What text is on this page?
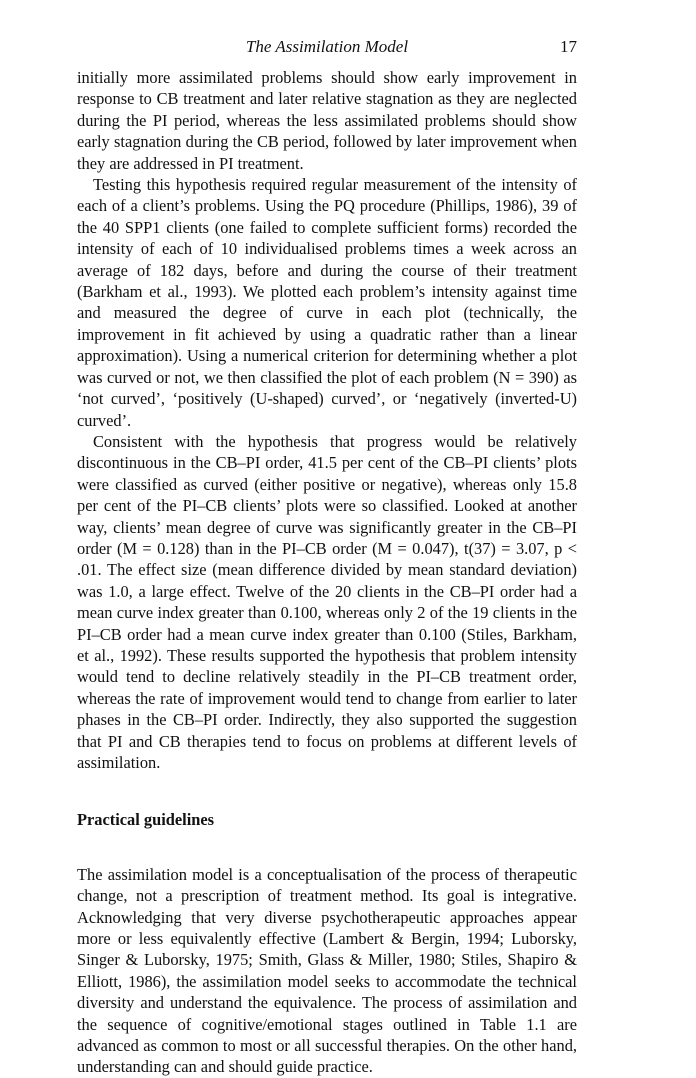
The Assimilation Model	17

initially more assimilated problems should show early improvement in response to CB treatment and later relative stagnation as they are neglected during the PI period, whereas the less assimilated problems should show early stagnation during the CB period, followed by later improvement when they are addressed in PI treatment.

Testing this hypothesis required regular measurement of the intensity of each of a client’s problems. Using the PQ procedure (Phillips, 1986), 39 of the 40 SPP1 clients (one failed to complete sufficient forms) recorded the intensity of each of 10 individualised problems times a week across an average of 182 days, before and during the course of their treatment (Barkham et al., 1993). We plotted each problem’s intensity against time and measured the degree of curve in each plot (technically, the improvement in fit achieved by using a quadratic rather than a linear approximation). Using a numerical criterion for determining whether a plot was curved or not, we then classified the plot of each problem (N = 390) as ‘not curved’, ‘positively (U-shaped) curved’, or ‘negatively (inverted-U) curved’.

Consistent with the hypothesis that progress would be relatively discontinuous in the CB–PI order, 41.5 per cent of the CB–PI clients’ plots were classified as curved (either positive or negative), whereas only 15.8 per cent of the PI–CB clients’ plots were so classified. Looked at another way, clients’ mean degree of curve was significantly greater in the CB–PI order (M = 0.128) than in the PI–CB order (M = 0.047), t(37) = 3.07, p < .01. The effect size (mean difference divided by mean standard deviation) was 1.0, a large effect. Twelve of the 20 clients in the CB–PI order had a mean curve index greater than 0.100, whereas only 2 of the 19 clients in the PI–CB order had a mean curve index greater than 0.100 (Stiles, Barkham, et al., 1992). These results supported the hypothesis that problem intensity would tend to decline relatively steadily in the PI–CB treatment order, whereas the rate of improvement would tend to change from earlier to later phases in the CB–PI order. Indirectly, they also supported the suggestion that PI and CB therapies tend to focus on problems at different levels of assimilation.

Practical guidelines

The assimilation model is a conceptualisation of the process of therapeutic change, not a prescription of treatment method. Its goal is integrative. Acknowledging that very diverse psychotherapeutic approaches appear more or less equivalently effective (Lambert & Bergin, 1994; Luborsky, Singer & Luborsky, 1975; Smith, Glass & Miller, 1980; Stiles, Shapiro & Elliott, 1986), the assimilation model seeks to accommodate the technical diversity and understand the equivalence. The process of assimilation and the sequence of cognitive/emotional stages outlined in Table 1.1 are advanced as common to most or all successful therapies. On the other hand, understanding can and should guide practice.
